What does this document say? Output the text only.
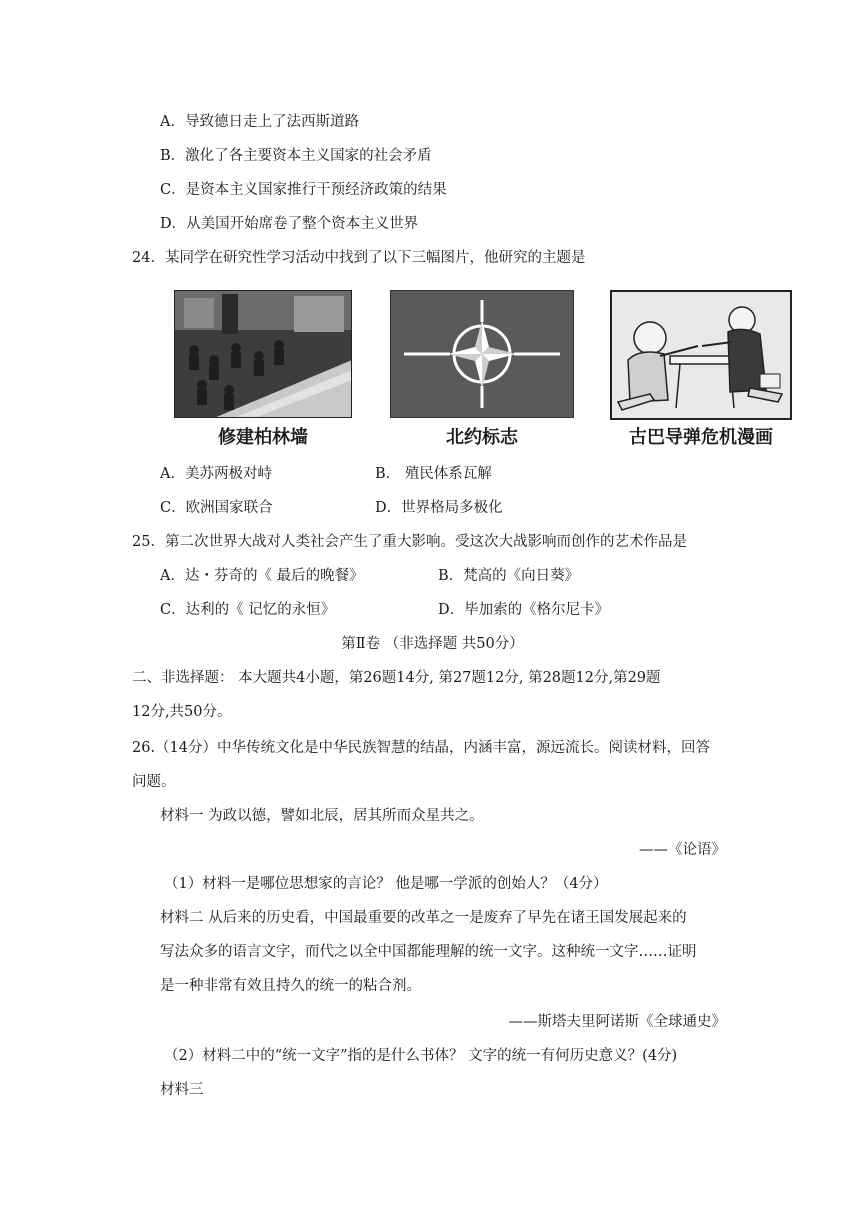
A．导致德日走上了法西斯道路
B．激化了各主要资本主义国家的社会矛盾
C．是资本主义国家推行干预经济政策的结果
D．从美国开始席卷了整个资本主义世界
24．某同学在研究性学习活动中找到了以下三幅图片，他研究的主题是
修建柏林墙	北约标志	古巴导弹危机漫画
A．美苏两极对峙	B． 殖民体系瓦解
C．欧洲国家联合	D．世界格局多极化
25．第二次世界大战对人类社会产生了重大影响。受这次大战影响而创作的艺术作品是
A．达・芬奇的《 最后的晚餐》	B．梵高的《向日葵》
C．达利的《 记忆的永恒》	D．毕加索的《格尔尼卡》
第Ⅱ卷 （非选择题 共50分）
二、非选择题： 本大题共4小题，第26题14分, 第27题12分, 第28题12分,第29题
12分,共50分。
26.（14分）中华传统文化是中华民族智慧的结晶，内涵丰富，源远流长。阅读材料，回答
问题。
材料一 为政以德，譬如北辰，居其所而众星共之。
——《论语》
（1）材料一是哪位思想家的言论？ 他是哪一学派的创始人？（4分）
材料二 从后来的历史看，中国最重要的改革之一是废弃了早先在诸王国发展起来的
写法众多的语言文字，而代之以全中国都能理解的统一文字。这种统一文字……证明
是一种非常有效且持久的统一的粘合剂。
——斯塔夫里阿诺斯《全球通史》
（2）材料二中的“统一文字”指的是什么书体？ 文字的统一有何历史意义？(4分)
材料三
